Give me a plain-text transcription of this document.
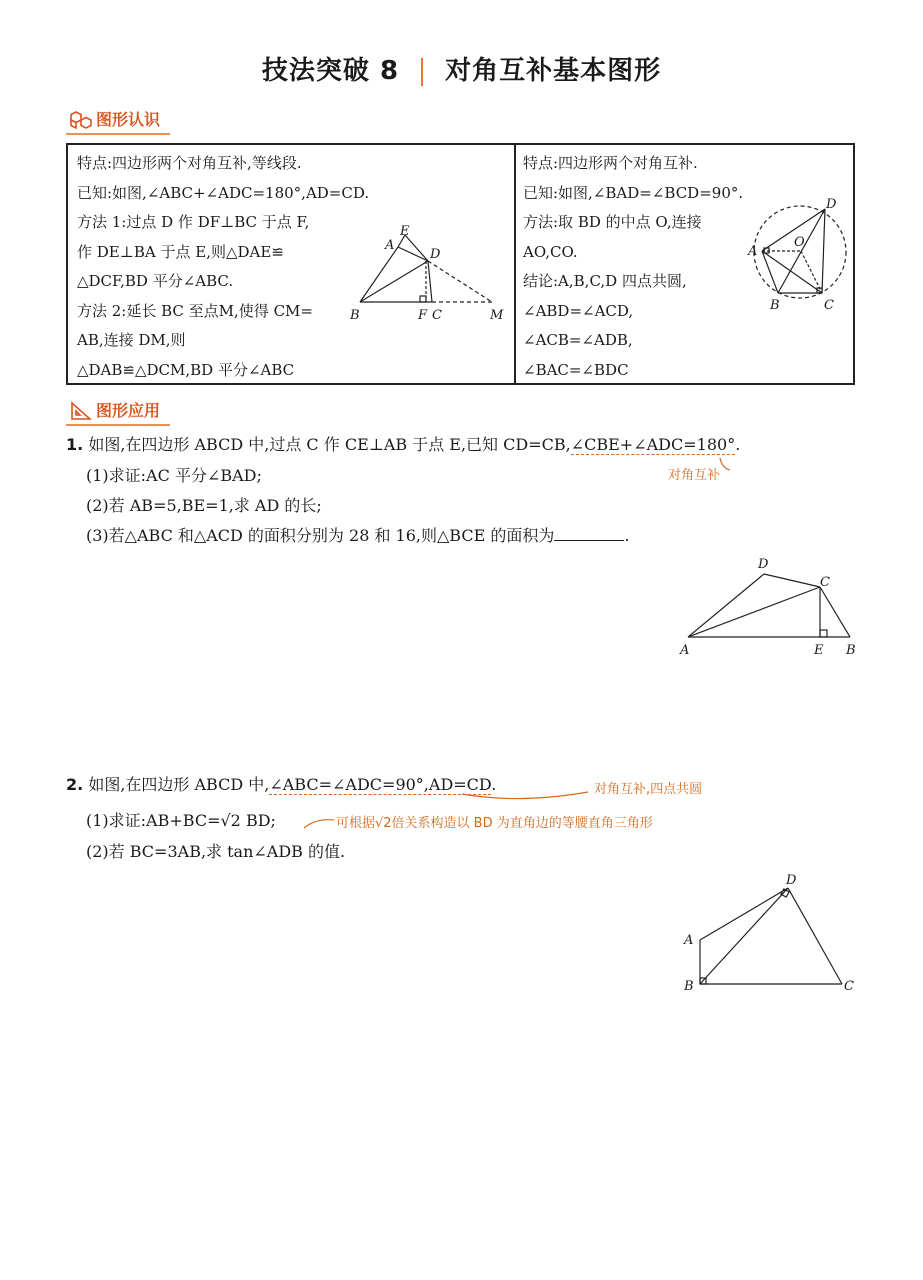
技法突破 8 对角互补基本图形
图形认识
特点:四边形两个对角互补,等线段.
已知:如图,∠ABC+∠ADC=180°,AD=CD.
方法 1:过点 D 作 DF⊥BC 于点 F,
作 DE⊥BA 于点 E,则△DAE≌
△DCF,BD 平分∠ABC.
方法 2:延长 BC 至点M,使得 CM=
AB,连接 DM,则
△DAB≌△DCM,BD 平分∠ABC
A
E
D
B	F C	M
特点:四边形两个对角互补.
已知:如图,∠BAD=∠BCD=90°.
方法:取 BD 的中点 O,连接
AO,CO.
结论:A,B,C,D 四点共圆,
∠ABD=∠ACD,
∠ACB=∠ADB,
∠BAC=∠BDC
D
O
A
B	C
图形应用
1. 如图,在四边形 ABCD 中,过点 C 作 CE⊥AB 于点 E,已知 CD=CB,∠CBE+∠ADC=180°.
对角互补
(1)求证:AC 平分∠BAD;
(2)若 AB=5,BE=1,求 AD 的长;
(3)若△ABC 和△ACD 的面积分别为 28 和 16,则△BCE 的面积为	.
D
C
A	E B
2. 如图,在四边形 ABCD 中,∠ABC=∠ADC=90°,AD=CD.	对角互补,四点共圆
(1)求证:AB+BC=√2 BD;	可根据√2倍关系构造以 BD 为直角边的等腰直角三角形
(2)若 BC=3AB,求 tan∠ADB 的值.
D
A
B	C
